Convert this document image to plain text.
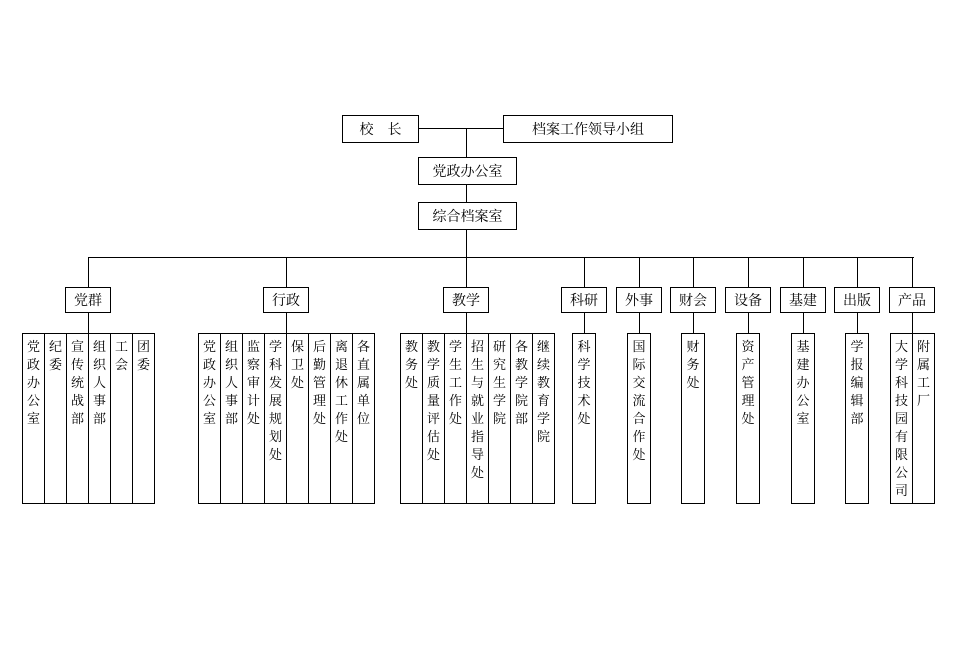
校　长	档案工作领导小组
党政办公室
综合档案室
党群	行政	教学	科研 外事 财会 设备 基建 出版 产品
党
政
办
公
室
纪
委
宣
传
统
战
部
组
织
人
事
部
工
会
团
委
党
政
办
公
室
组
织
人
事
部
监
察
审
计
处
学
科
发
展
规
划
处
保
卫
处
后
勤
管
理
处
离
退
休
工
作
处
各
直
属
单
位
教
务
处
教
学
质
量
评
估
处
学
生
工
作
处
招
生
与
就
业
指
导
处
研
究
生
学
院
各
教
学
院
部
继
续
教
育
学
院
科
学
技
术
处
国
际
交
流
合
作
处
财
务
处
资
产
管
理
处
基
建
办
公
室
学
报
编
辑
部
大
学
科
技
园
有
限
公
司
附
属
工
厂
